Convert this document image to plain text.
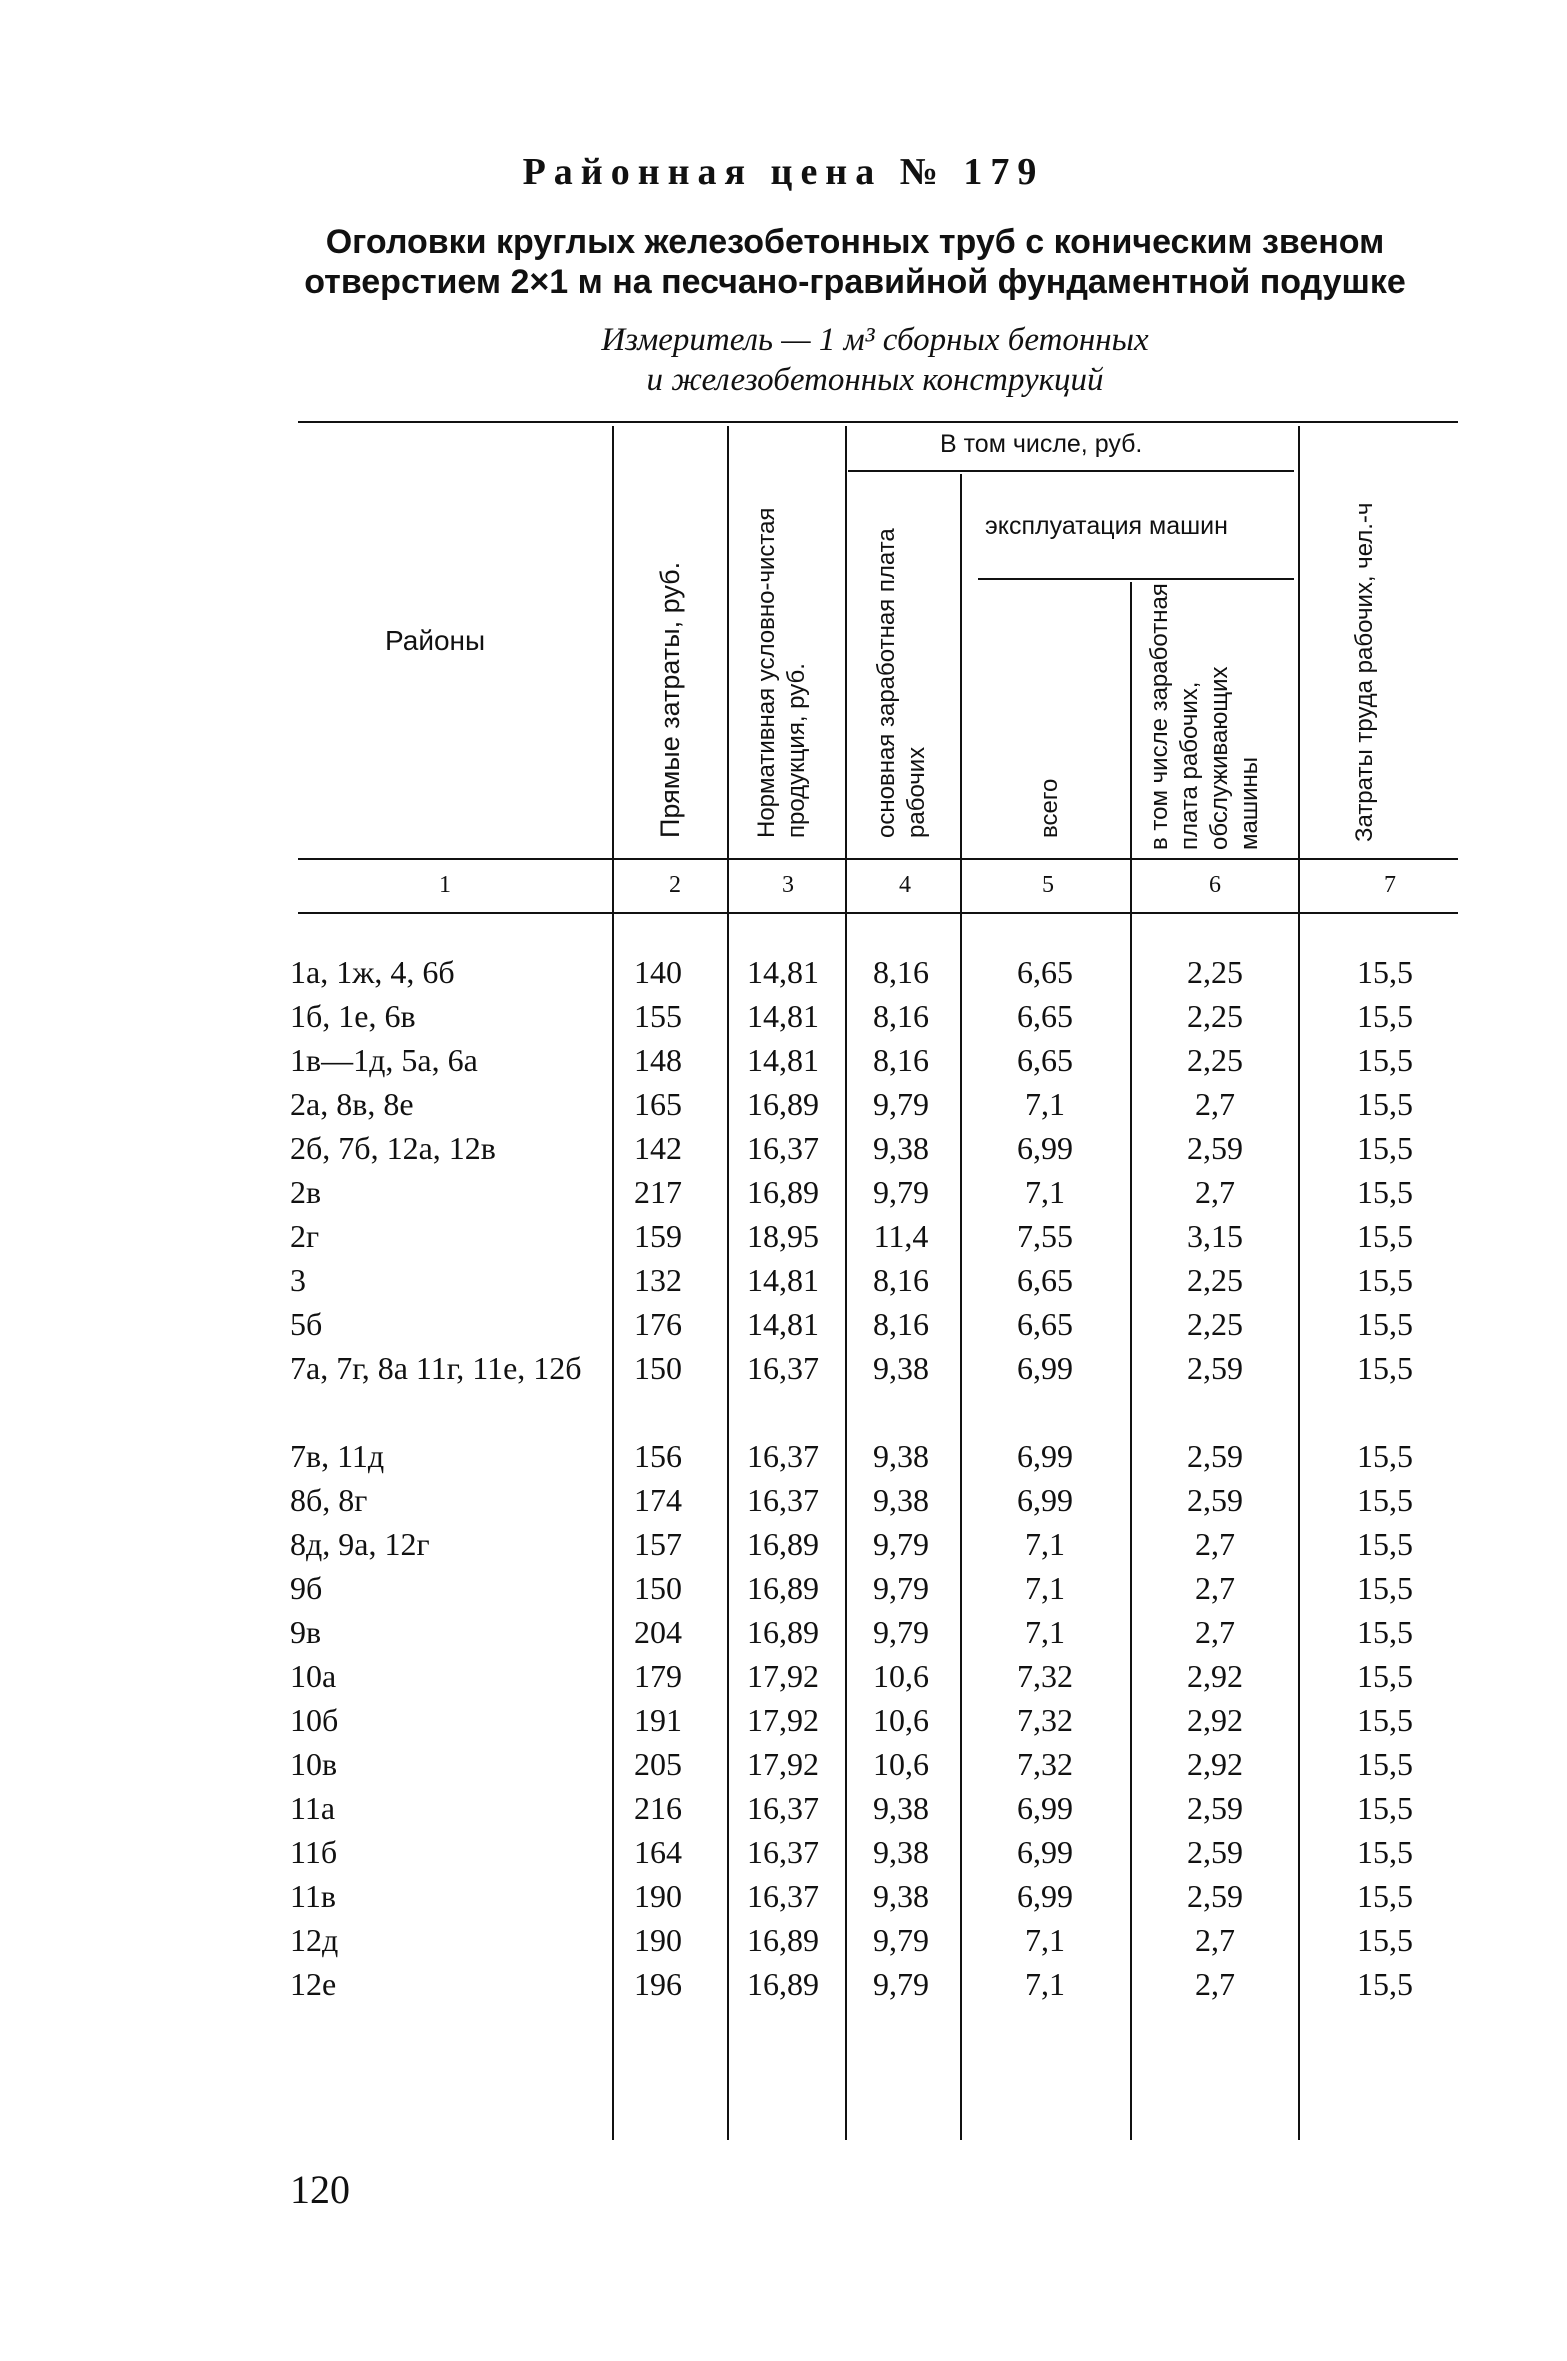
Районная цена № 179
Оголовки круглых железобетонных труб с коническим звеном
отверстием 2×1 м на песчано-гравийной фундаментной подушке
Измеритель — 1 м³ сборных бетонных
и железобетонных конструкций
Районы
В том числе, руб.
эксплуатация машин
Прямые затраты, руб.	Нормативная условно-чистая продукция, руб.	основная заработная плата рабочих	всего	в том числе заработная плата рабочих, обслуживающих машины	Затраты труда рабочих, чел.-ч
1	2	3	4	5	6	7
1а, 1ж, 4, 6б	140	14,81	8,16	6,65	2,25	15,5
1б, 1е, 6в	155	14,81	8,16	6,65	2,25	15,5
1в—1д, 5а, 6а	148	14,81	8,16	6,65	2,25	15,5
2а, 8в, 8е	165	16,89	9,79	7,1	2,7	15,5
2б, 7б, 12а, 12в	142	16,37	9,38	6,99	2,59	15,5
2в	217	16,89	9,79	7,1	2,7	15,5
2г	159	18,95	11,4	7,55	3,15	15,5
3	132	14,81	8,16	6,65	2,25	15,5
5б	176	14,81	8,16	6,65	2,25	15,5
7а, 7г, 8а 11г, 11е, 12б	150	16,37	9,38	6,99	2,59	15,5
7в, 11д	156	16,37	9,38	6,99	2,59	15,5
8б, 8г	174	16,37	9,38	6,99	2,59	15,5
8д, 9а, 12г	157	16,89	9,79	7,1	2,7	15,5
9б	150	16,89	9,79	7,1	2,7	15,5
9в	204	16,89	9,79	7,1	2,7	15,5
10а	179	17,92	10,6	7,32	2,92	15,5
10б	191	17,92	10,6	7,32	2,92	15,5
10в	205	17,92	10,6	7,32	2,92	15,5
11а	216	16,37	9,38	6,99	2,59	15,5
11б	164	16,37	9,38	6,99	2,59	15,5
11в	190	16,37	9,38	6,99	2,59	15,5
12д	190	16,89	9,79	7,1	2,7	15,5
12е	196	16,89	9,79	7,1	2,7	15,5
120
